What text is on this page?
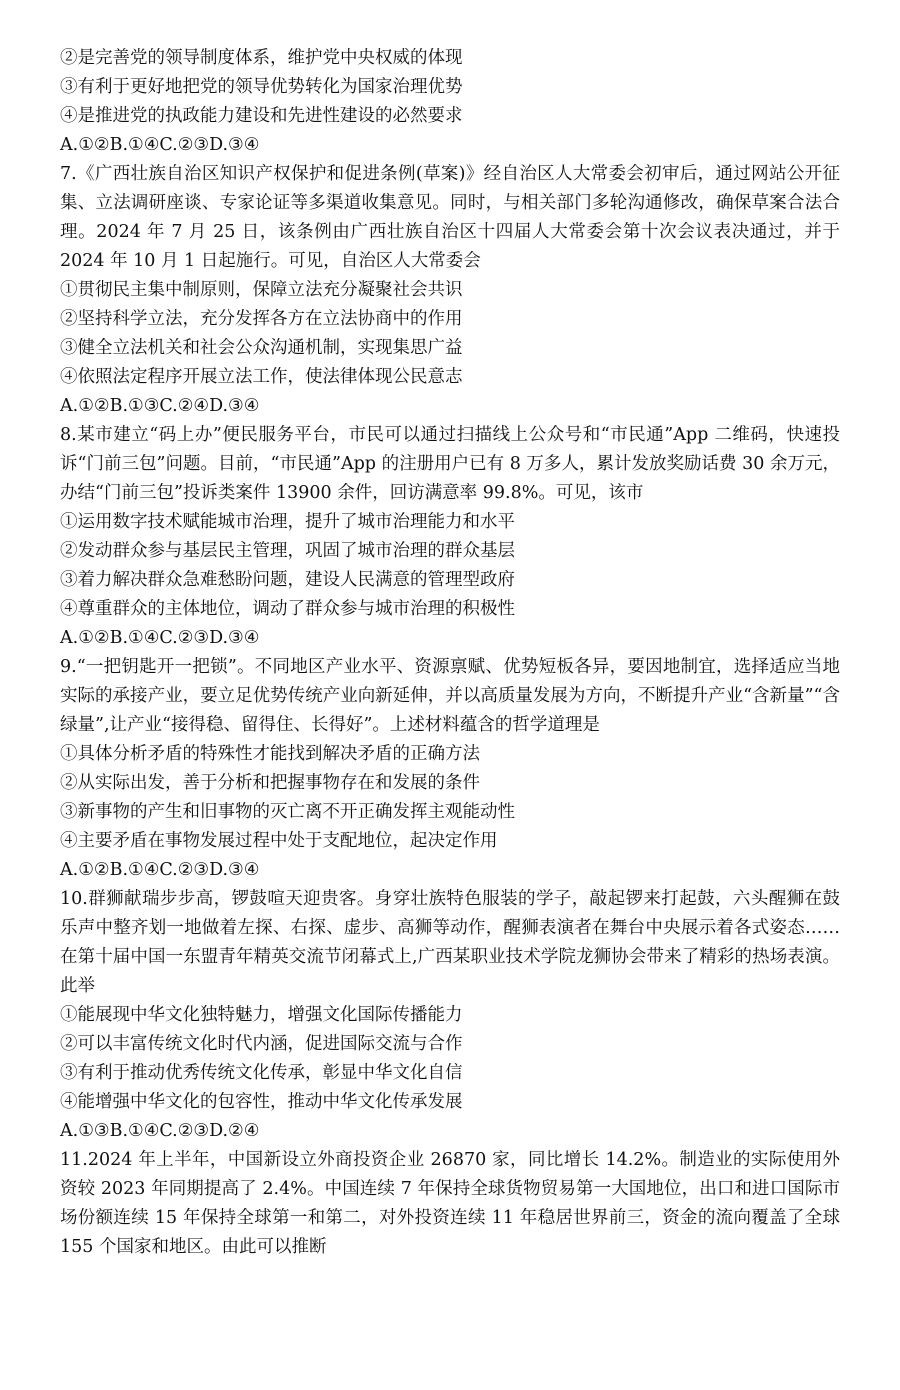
②是完善党的领导制度体系，维护党中央权威的体现
③有利于更好地把党的领导优势转化为国家治理优势
④是推进党的执政能力建设和先进性建设的必然要求
A.①②B.①④C.②③D.③④
7.《广西壮族自治区知识产权保护和促进条例(草案)》经自治区人大常委会初审后，通过网站公开征集、立法调研座谈、专家论证等多渠道收集意见。同时，与相关部门多轮沟通修改，确保草案合法合理。2024 年 7 月 25 日，该条例由广西壮族自治区十四届人大常委会第十次会议表决通过，并于 2024 年 10 月 1 日起施行。可见，自治区人大常委会
①贯彻民主集中制原则，保障立法充分凝聚社会共识
②坚持科学立法，充分发挥各方在立法协商中的作用
③健全立法机关和社会公众沟通机制，实现集思广益
④依照法定程序开展立法工作，使法律体现公民意志
A.①②B.①③C.②④D.③④
8.某市建立“码上办”便民服务平台，市民可以通过扫描线上公众号和“市民通”App 二维码，快速投诉“门前三包”问题。目前，“市民通”App 的注册用户已有 8 万多人，累计发放奖励话费 30 余万元，办结“门前三包”投诉类案件 13900 余件，回访满意率 99.8%。可见，该市
①运用数字技术赋能城市治理，提升了城市治理能力和水平
②发动群众参与基层民主管理，巩固了城市治理的群众基层
③着力解决群众急难愁盼问题，建设人民满意的管理型政府
④尊重群众的主体地位，调动了群众参与城市治理的积极性
A.①②B.①④C.②③D.③④
9.“一把钥匙开一把锁”。不同地区产业水平、资源禀赋、优势短板各异，要因地制宜，选择适应当地实际的承接产业，要立足优势传统产业向新延伸，并以高质量发展为方向，不断提升产业“含新量”“含绿量”,让产业“接得稳、留得住、长得好”。上述材料蕴含的哲学道理是
①具体分析矛盾的特殊性才能找到解决矛盾的正确方法
②从实际出发，善于分析和把握事物存在和发展的条件
③新事物的产生和旧事物的灭亡离不开正确发挥主观能动性
④主要矛盾在事物发展过程中处于支配地位，起决定作用
A.①②B.①④C.②③D.③④
10.群狮献瑞步步高，锣鼓喧天迎贵客。身穿壮族特色服装的学子，敲起锣来打起鼓，六头醒狮在鼓乐声中整齐划一地做着左探、右探、虚步、高狮等动作，醒狮表演者在舞台中央展示着各式姿态……在第十届中国一东盟青年精英交流节闭幕式上,广西某职业技术学院龙狮协会带来了精彩的热场表演。此举
①能展现中华文化独特魅力，增强文化国际传播能力
②可以丰富传统文化时代内涵，促进国际交流与合作
③有利于推动优秀传统文化传承，彰显中华文化自信
④能增强中华文化的包容性，推动中华文化传承发展
A.①③B.①④C.②③D.②④
11.2024 年上半年，中国新设立外商投资企业 26870 家，同比增长 14.2%。制造业的实际使用外资较 2023 年同期提高了 2.4%。中国连续 7 年保持全球货物贸易第一大国地位，出口和进口国际市场份额连续 15 年保持全球第一和第二，对外投资连续 11 年稳居世界前三，资金的流向覆盖了全球 155 个国家和地区。由此可以推断
